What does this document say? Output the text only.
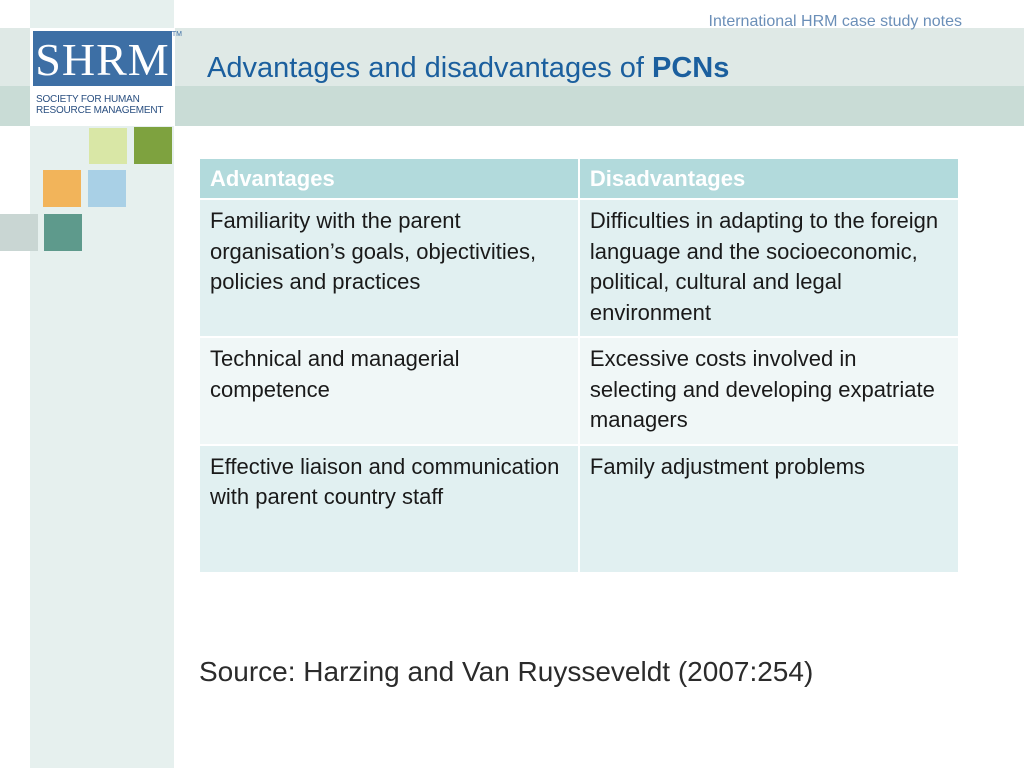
International HRM case study notes
Advantages and disadvantages of PCNs
SHRM TM
SOCIETY FOR HUMAN
RESOURCE MANAGEMENT
Advantages	Disadvantages
Familiarity with the parent organisation’s goals, objectivities, policies and practices	Difficulties in adapting to the foreign language and the socioeconomic, political, cultural and legal environment
Technical and managerial competence	Excessive costs involved in selecting and developing expatriate managers
Effective liaison and communication with parent country staff	Family adjustment problems
Source: Harzing and Van Ruysseveldt (2007:254)
